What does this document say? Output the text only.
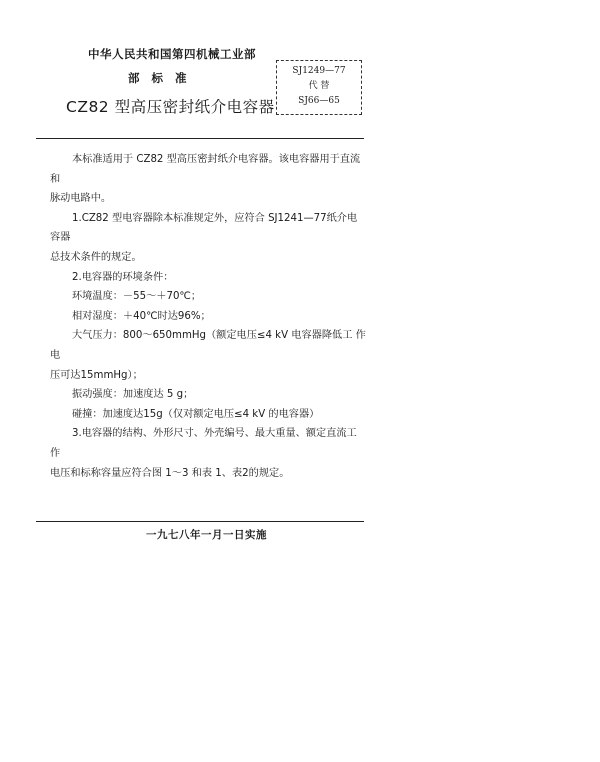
中华人民共和国第四机械工业部
部 标 准
CZ82 型高压密封纸介电容器
SJ1249—77
代 替
SJ66—65

本标准适用于 CZ82 型高压密封纸介电容器。该电容器用于直流和

脉动电路中。

1.CZ82 型电容器除本标准规定外，应符合 SJ1241—77纸介电容器

总技术条件的规定。

2.电容器的环境条件：

环境温度：－55～＋70℃；

相对湿度：＋40℃时达96%；

大气压力：800～650mmHg（额定电压≤4 kV 电容器降低工 作 电

压可达15mmHg）；

振动强度：加速度达 5 g；

碰撞：加速度达15g（仅对额定电压≤4 kV 的电容器）

3.电容器的结构、外形尺寸、外壳编号、最大重量、额定直流工作

电压和标称容量应符合图 1～3 和表 1、表2的规定。

一九七八年一月一日实施
